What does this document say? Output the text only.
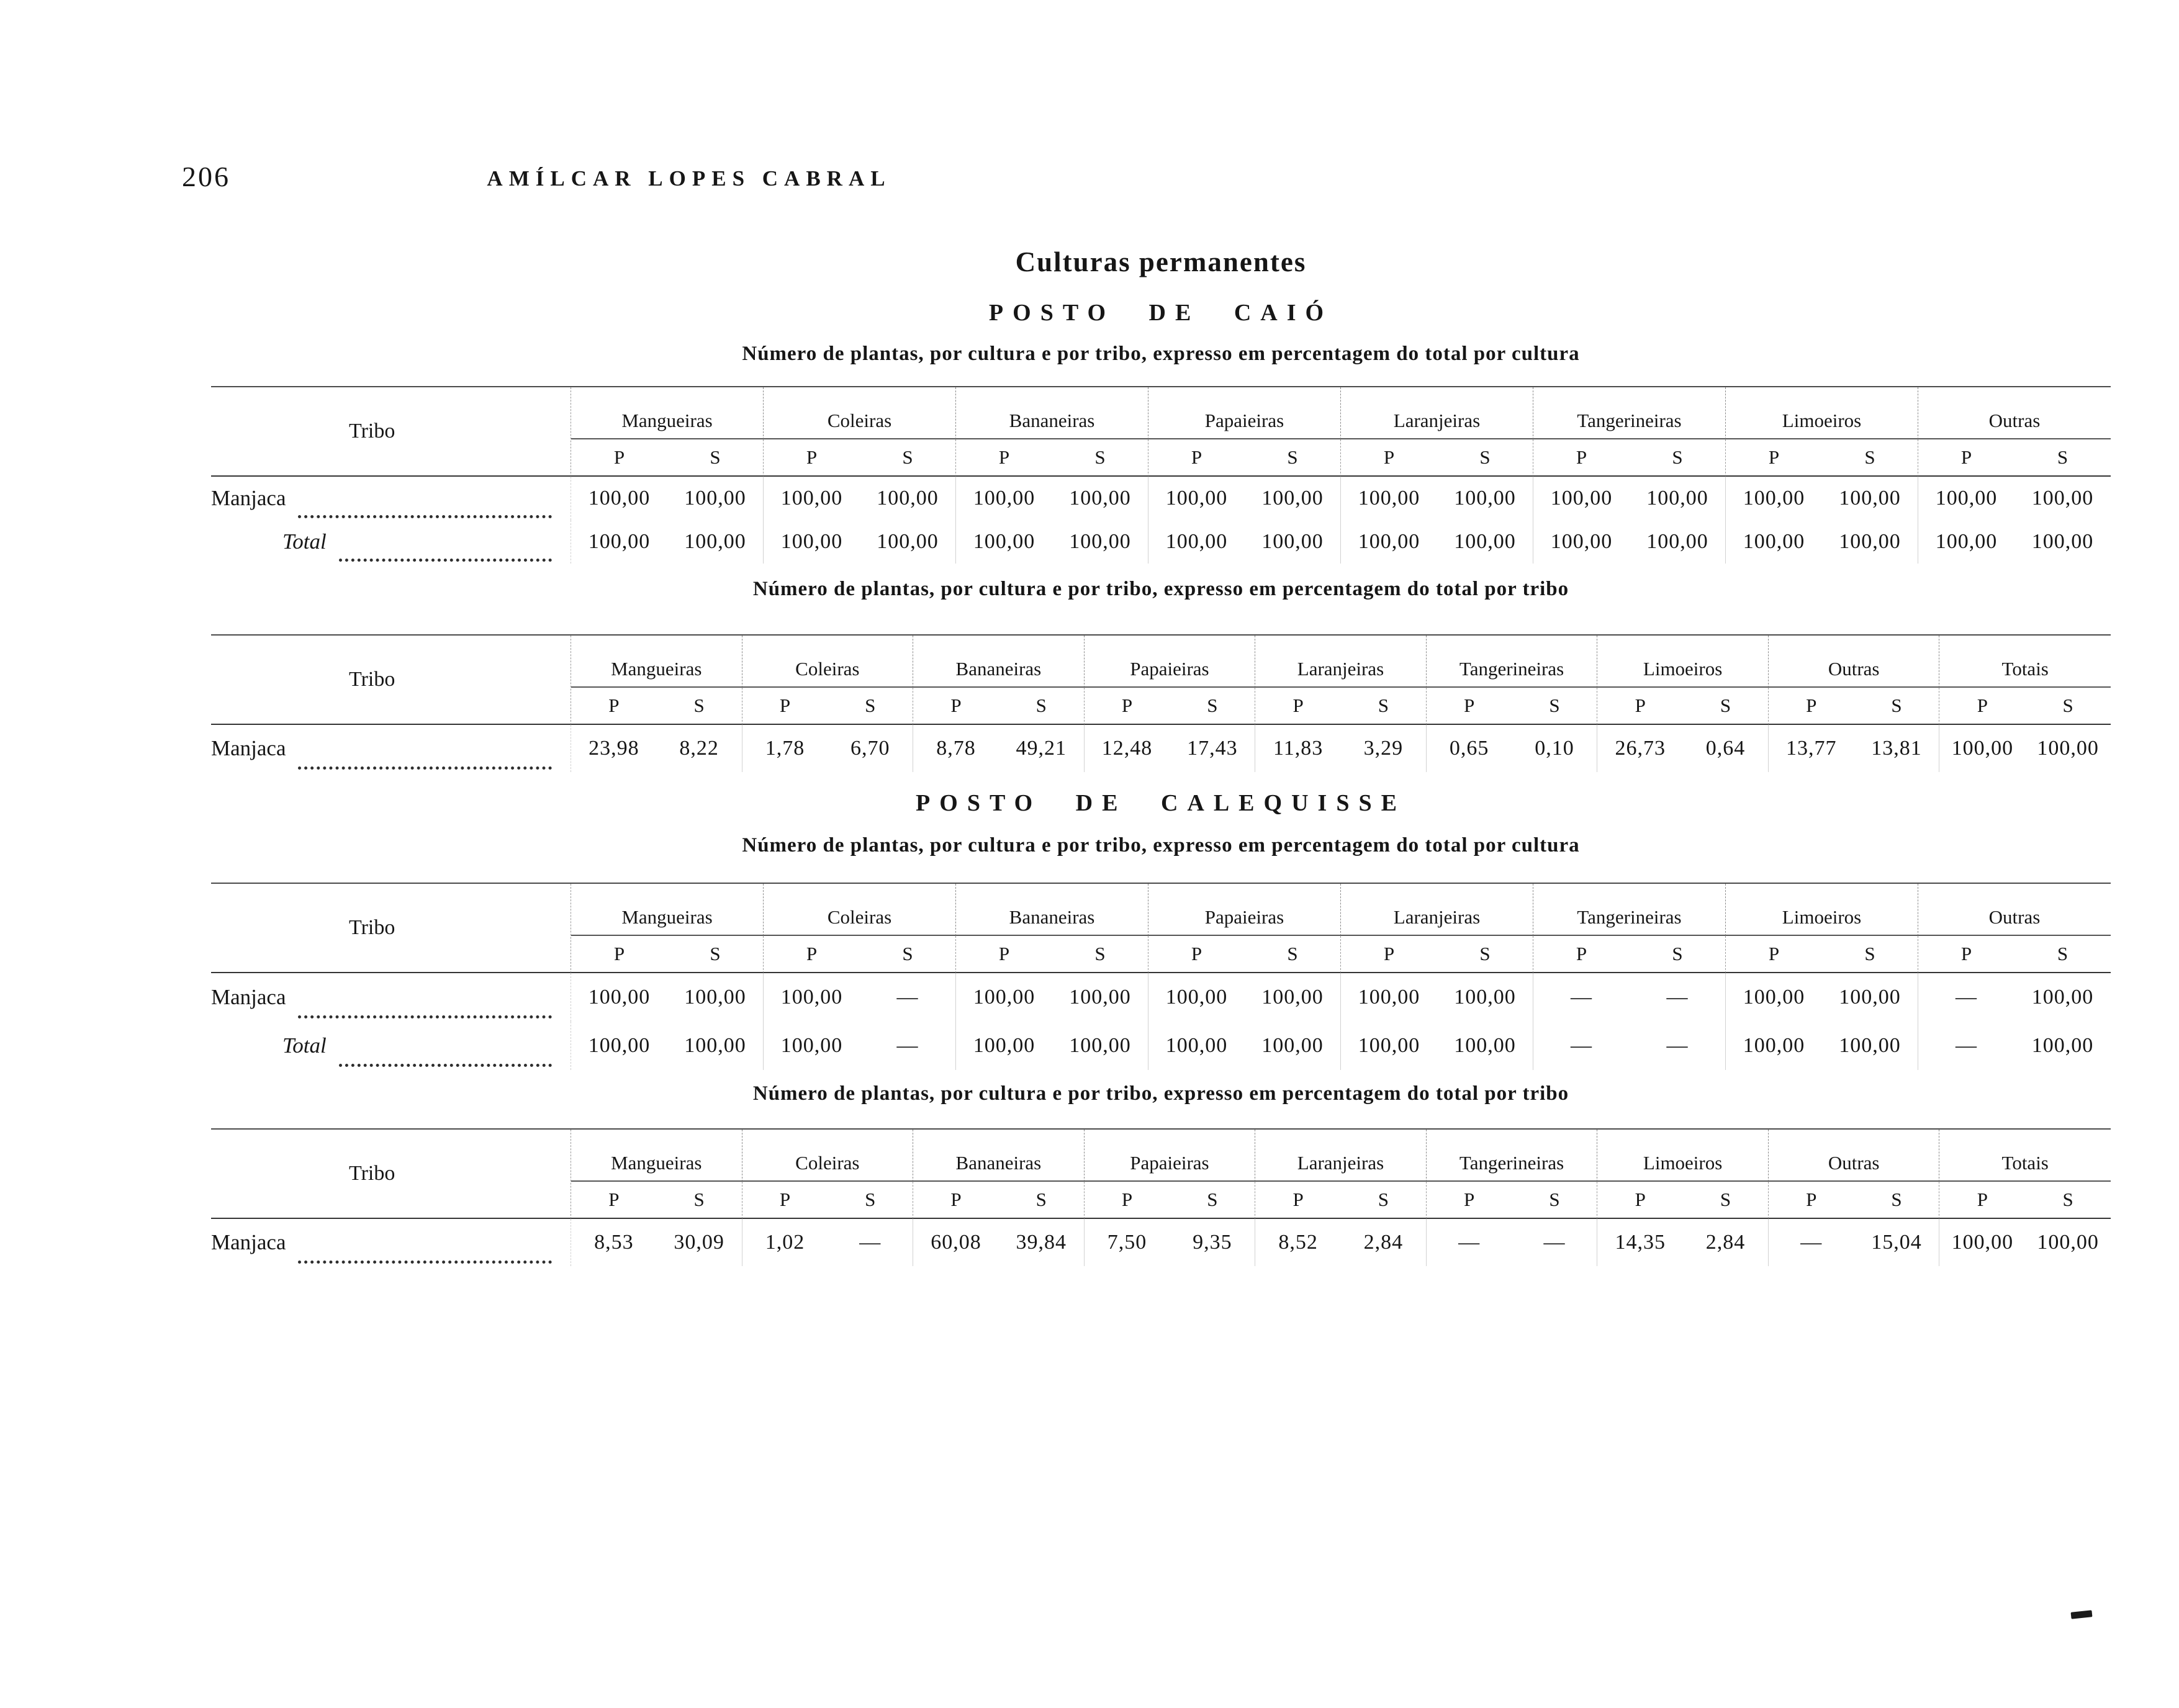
206	AMÍLCAR LOPES CABRAL
Culturas permanentes
POSTO DE CAIÓ
Número de plantas, por cultura e por tribo, expresso em percentagem do total por cultura
Tribo	Mangueiras	Coleiras	Bananeiras	Papaieiras	Laranjeiras	Tangerineiras	Limoeiros	Outras
P	S	P	S	P	S	P	S	P	S	P	S	P	S	P	S
Manjaca	100,00	100,00	100,00	100,00	100,00	100,00	100,00	100,00	100,00	100,00	100,00	100,00	100,00	100,00	100,00	100,00
Total	100,00	100,00	100,00	100,00	100,00	100,00	100,00	100,00	100,00	100,00	100,00	100,00	100,00	100,00	100,00	100,00
Número de plantas, por cultura e por tribo, expresso em percentagem do total por tribo
Tribo	Mangueiras	Coleiras	Bananeiras	Papaieiras	Laranjeiras	Tangerineiras	Limoeiros	Outras	Totais
P	S	P	S	P	S	P	S	P	S	P	S	P	S	P	S	P	S
Manjaca	23,98	8,22	1,78	6,70	8,78	49,21	12,48	17,43	11,83	3,29	0,65	0,10	26,73	0,64	13,77	13,81	100,00	100,00
POSTO DE CALEQUISSE
Número de plantas, por cultura e por tribo, expresso em percentagem do total por cultura
Tribo	Mangueiras	Coleiras	Bananeiras	Papaieiras	Laranjeiras	Tangerineiras	Limoeiros	Outras
P	S	P	S	P	S	P	S	P	S	P	S	P	S	P	S
Manjaca	100,00	100,00	100,00	—	100,00	100,00	100,00	100,00	100,00	100,00	—	—	100,00	100,00	—	100,00
Total	100,00	100,00	100,00	—	100,00	100,00	100,00	100,00	100,00	100,00	—	—	100,00	100,00	—	100,00
Número de plantas, por cultura e por tribo, expresso em percentagem do total por tribo
Tribo	Mangueiras	Coleiras	Bananeiras	Papaieiras	Laranjeiras	Tangerineiras	Limoeiros	Outras	Totais
P	S	P	S	P	S	P	S	P	S	P	S	P	S	P	S	P	S
Manjaca	8,53	30,09	1,02	—	60,08	39,84	7,50	9,35	8,52	2,84	—	—	14,35	2,84	—	15,04	100,00	100,00
